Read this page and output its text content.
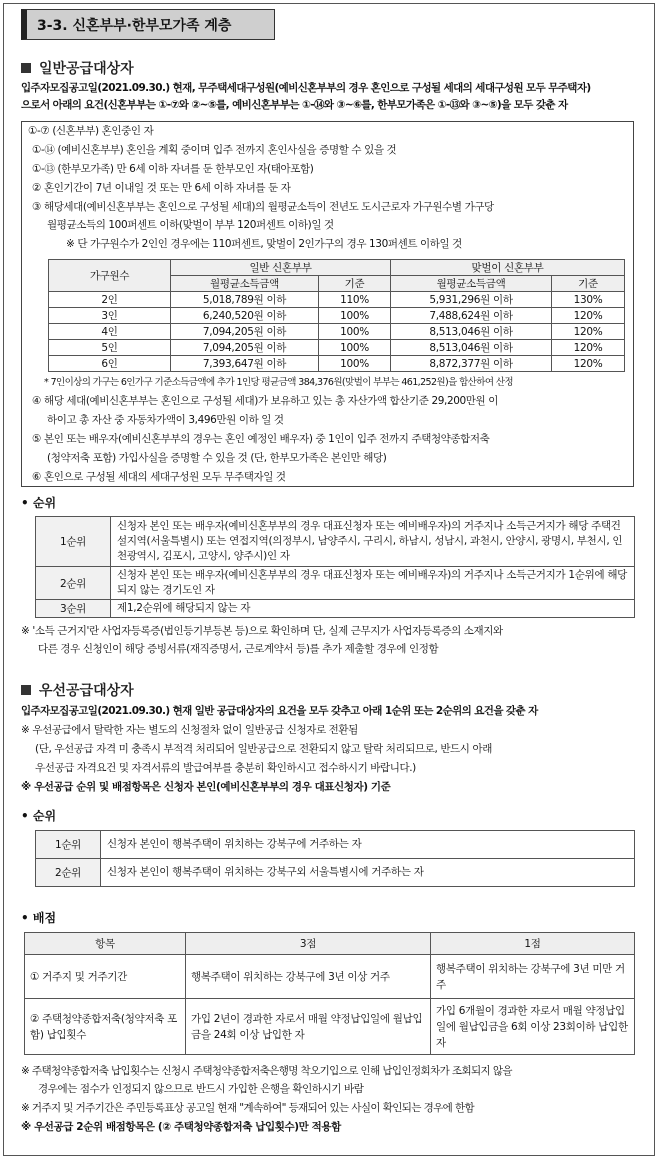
3-3. 신혼부부·한부모가족 계층
일반공급대상자
입주자모집공고일(2021.09.30.) 현재, 무주택세대구성원(예비신혼부부의 경우 혼인으로 구성될 세대의 세대구성원 모두 무주택자)
으로서 아래의 요건(신혼부부는 ①-⑦와 ②~⑤를, 예비신혼부부는 ①-⑭와 ③~⑥를, 한부모가족은 ①-⑬와 ③~⑤)을 모두 갖춘 자
①-⑦ (신혼부부) 혼인중인 자
①-⑭ (예비신혼부부) 혼인을 계획 중이며 입주 전까지 혼인사실을 증명할 수 있을 것
①-⑬ (한부모가족) 만 6세 이하 자녀를 둔 한부모인 자(태아포함)
② 혼인기간이 7년 이내일 것 또는 만 6세 이하 자녀를 둔 자
③ 해당세대(예비신혼부부는 혼인으로 구성될 세대)의 월평균소득이 전년도 도시근로자 가구원수별 가구당
월평균소득의 100퍼센트 이하(맞벌이 부부 120퍼센트 이하)일 것
※ 단 가구원수가 2인인 경우에는 110퍼센트, 맞벌이 2인가구의 경우 130퍼센트 이하일 것
가구원수	일반 신혼부부		맞벌이 신혼부부	
	월평균소득금액	기준	월평균소득금액	기준
2인	5,018,789원 이하	110%	5,931,296원 이하	130%
3인	6,240,520원 이하	100%	7,488,624원 이하	120%
4인	7,094,205원 이하	100%	8,513,046원 이하	120%
5인	7,094,205원 이하	100%	8,513,046원 이하	120%
6인	7,393,647원 이하	100%	8,872,377원 이하	120%
* 7인이상의 가구는 6인가구 기준소득금액에 추가 1인당 평균금액 384,376원(맞벌이 부부는 461,252원)을 합산하여 산정
④ 해당 세대(예비신혼부부는 혼인으로 구성될 세대)가 보유하고 있는 총 자산가액 합산기준 29,200만원 이
하이고 총 자산 중 자동차가액이 3,496만원 이하 일 것
⑤ 본인 또는 배우자(예비신혼부부의 경우는 혼인 예정인 배우자) 중 1인이 입주 전까지 주택청약종합저축
(청약저축 포함) 가입사실을 증명할 수 있을 것 (단, 한부모가족은 본인만 해당)
⑥ 혼인으로 구성될 세대의 세대구성원 모두 무주택자일 것
• 순위
1순위	신청자 본인 또는 배우자(예비신혼부부의 경우 대표신청자 또는 예비배우자)의 거주지나 소득근거지가 해당 주택건설지역(서울특별시) 또는 연접지역(의정부시, 남양주시, 구리시, 하남시, 성남시, 과천시, 안양시, 광명시, 부천시, 인천광역시, 김포시, 고양시, 양주시)인 자
2순위	신청자 본인 또는 배우자(예비신혼부부의 경우 대표신청자 또는 예비배우자)의 거주지나 소득근거지가 1순위에 해당되지 않는 경기도인 자
3순위	제1,2순위에 해당되지 않는 자
※ '소득 근거지'란 사업자등록증(법인등기부등본 등)으로 확인하며 단, 실제 근무지가 사업자등록증의 소재지와
다른 경우 신청인이 해당 증빙서류(재직증명서, 근로계약서 등)를 추가 제출할 경우에 인정함
우선공급대상자
입주자모집공고일(2021.09.30.) 현재 일반 공급대상자의 요건을 모두 갖추고 아래 1순위 또는 2순위의 요건을 갖춘 자
※ 우선공급에서 탈락한 자는 별도의 신청절차 없이 일반공급 신청자로 전환됨
(단, 우선공급 자격 미 충족시 부적격 처리되어 일반공급으로 전환되지 않고 탈락 처리되므로, 반드시 아래
우선공급 자격요건 및 자격서류의 발급여부를 충분히 확인하시고 접수하시기 바랍니다.)
※ 우선공급 순위 및 배점항목은 신청자 본인(예비신혼부부의 경우 대표신청자) 기준
• 순위
1순위	신청자 본인이 행복주택이 위치하는 강북구에 거주하는 자
2순위	신청자 본인이 행복주택이 위치하는 강북구외 서울특별시에 거주하는 자
• 배점
항목	3점	1점
① 거주지 및 거주기간	행복주택이 위치하는 강북구에 3년 이상 거주	행복주택이 위치하는 강북구에 3년 미만 거주
② 주택청약종합저축(청약저축 포함) 납입횟수	가입 2년이 경과한 자로서 매월 약정납입일에 월납입금을 24회 이상 납입한 자	가입 6개월이 경과한 자로서 매월 약정납입일에 월납입금을 6회 이상 23회이하 납입한 자
※ 주택청약종합저축 납입횟수는 신청시 주택청약종합저축은행명 착오기입으로 인해 납입인정회차가 조회되지 않을
경우에는 점수가 인정되지 않으므로 반드시 가입한 은행을 확인하시기 바람
※ 거주지 및 거주기간은 주민등록표상 공고일 현재 "계속하여" 등재되어 있는 사실이 확인되는 경우에 한함
※ 우선공급 2순위 배점항목은 (② 주택청약종합저축 납입횟수)만 적용함
